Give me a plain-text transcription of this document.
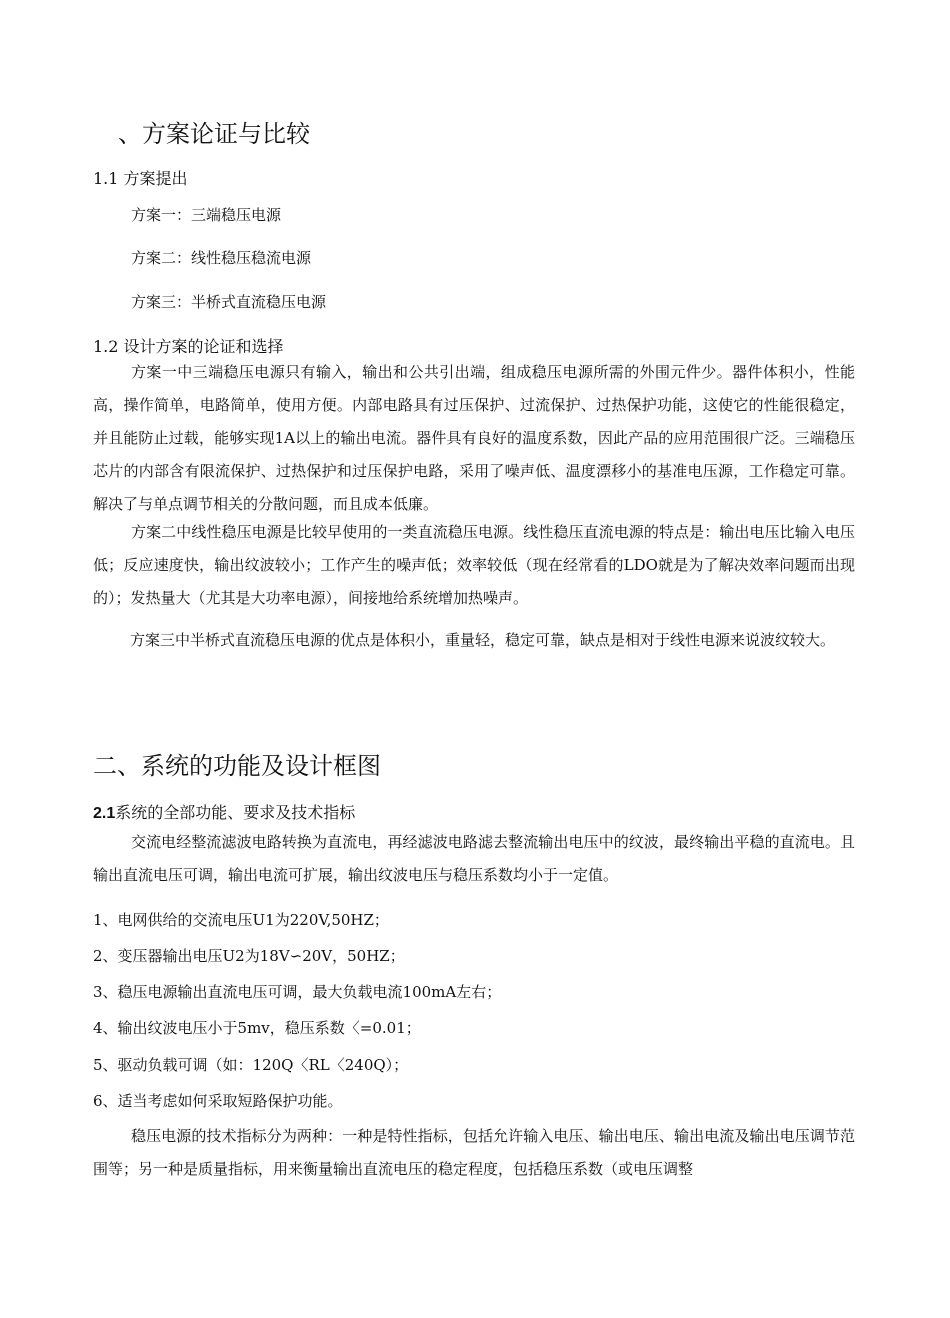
、方案论证与比较
1.1 方案提出
方案一：三端稳压电源
方案二：线性稳压稳流电源
方案三：半桥式直流稳压电源
1.2 设计方案的论证和选择

方案一中三端稳压电源只有输入，输出和公共引出端，组成稳压电源所需的外围元件少。器件体积小，性能高，操作简单，电路简单，使用方便。内部电路具有过压保护、过流保护、过热保护功能，这使它的性能很稳定，并且能防止过载，能够实现1A以上的输出电流。器件具有良好的温度系数，因此产品的应用范围很广泛。三端稳压芯片的内部含有限流保护、过热保护和过压保护电路，采用了噪声低、温度漂移小的基准电压源，工作稳定可靠。解决了与单点调节相关的分散问题，而且成本低廉。

方案二中线性稳压电源是比较早使用的一类直流稳压电源。线性稳压直流电源的特点是：输出电压比输入电压低；反应速度快，输出纹波较小；工作产生的噪声低；效率较低（现在经常看的LDO就是为了解决效率问题而出现的）；发热量大（尤其是大功率电源），间接地给系统增加热噪声。

方案三中半桥式直流稳压电源的优点是体积小，重量轻，稳定可靠，缺点是相对于线性电源来说波纹较大。

二、系统的功能及设计框图
2.1系统的全部功能、要求及技术指标

交流电经整流滤波电路转换为直流电，再经滤波电路滤去整流输出电压中的纹波，最终输出平稳的直流电。且输出直流电压可调，输出电流可扩展，输出纹波电压与稳压系数均小于一定值。

1、电网供给的交流电压U1为220V,50HZ；
2、变压器输出电压U2为18V∽20V，50HZ；
3、稳压电源输出直流电压可调，最大负载电流100mA左右；
4、输出纹波电压小于5mv，稳压系数〈=0.01；
5、驱动负载可调（如：120Q〈RL〈240Q）；
6、适当考虑如何采取短路保护功能。

稳压电源的技术指标分为两种：一种是特性指标，包括允许输入电压、输出电压、输出电流及输出电压调节范围等；另一种是质量指标，用来衡量输出直流电压的稳定程度，包括稳压系数（或电压调整
